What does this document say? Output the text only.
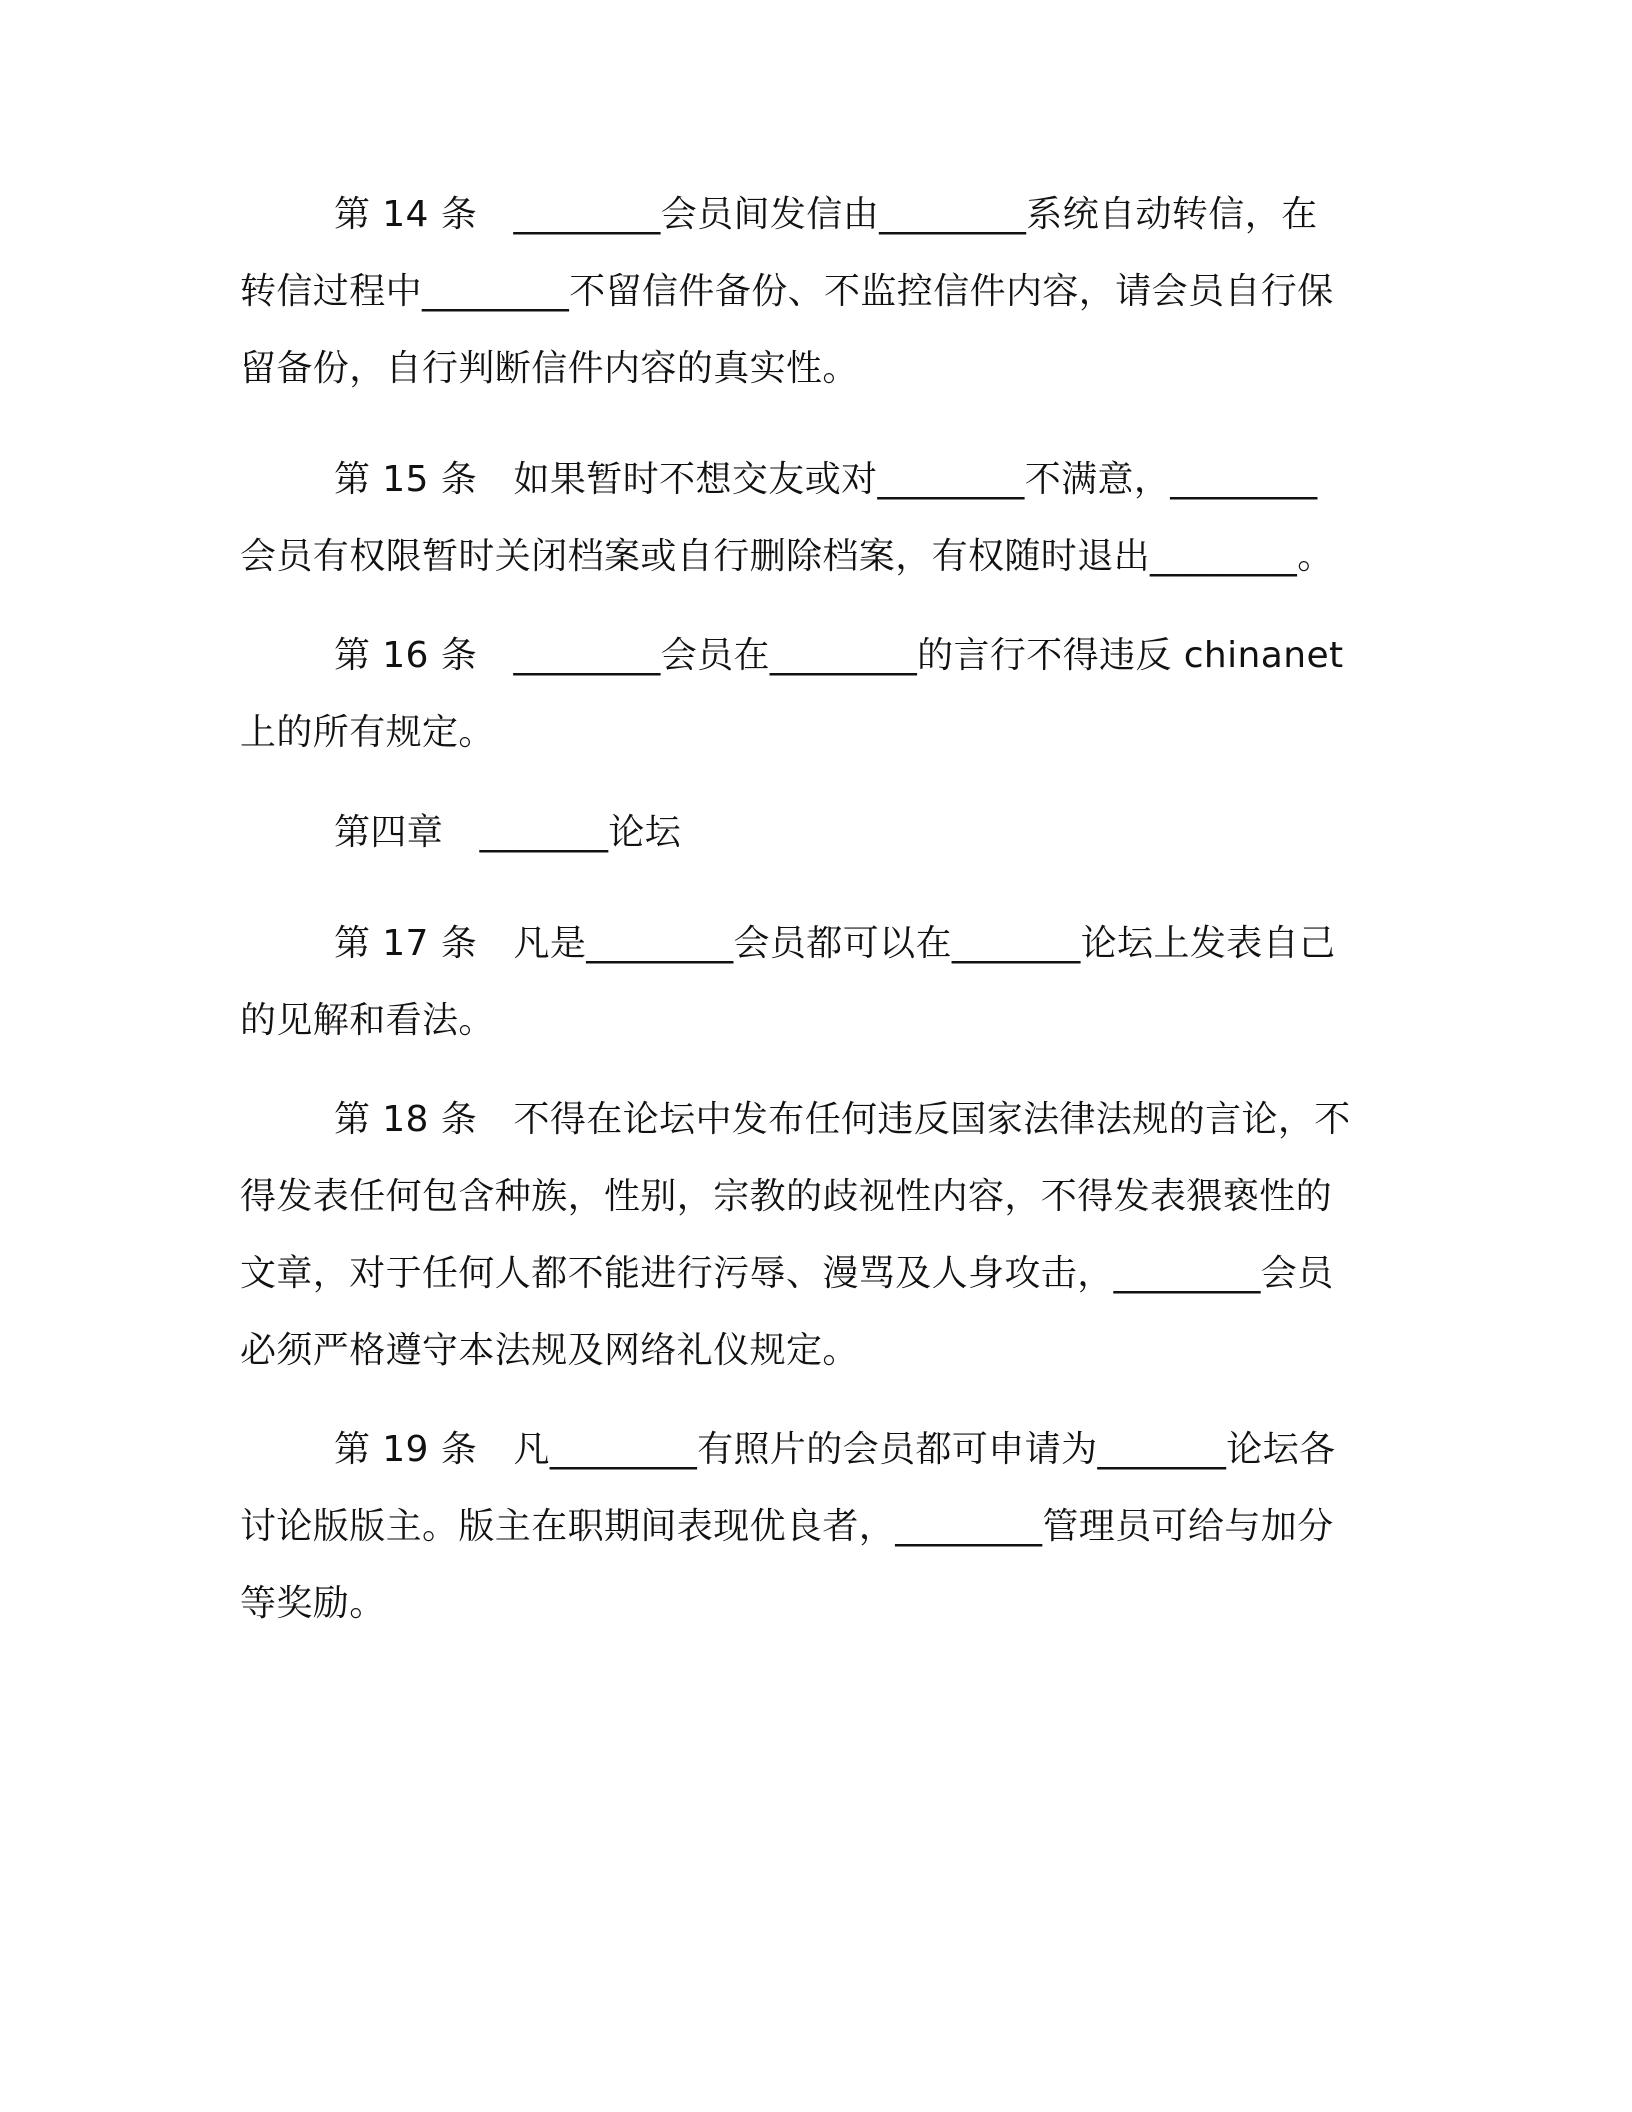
第 14 条　________会员间发信由________系统自动转信，在
转信过程中________不留信件备份、不监控信件内容，请会员自行保
留备份，自行判断信件内容的真实性。
第 15 条　如果暂时不想交友或对________不满意，________
会员有权限暂时关闭档案或自行删除档案，有权随时退出________。
第 16 条　________会员在________的言行不得违反 chinanet
上的所有规定。
第四章　_______论坛
第 17 条　凡是________会员都可以在_______论坛上发表自己
的见解和看法。
第 18 条　不得在论坛中发布任何违反国家法律法规的言论，不
得发表任何包含种族，性别，宗教的歧视性内容，不得发表猥亵性的
文章，对于任何人都不能进行污辱、漫骂及人身攻击，________会员
必须严格遵守本法规及网络礼仪规定。
第 19 条　凡________有照片的会员都可申请为_______论坛各
讨论版版主。版主在职期间表现优良者，________管理员可给与加分
等奖励。
